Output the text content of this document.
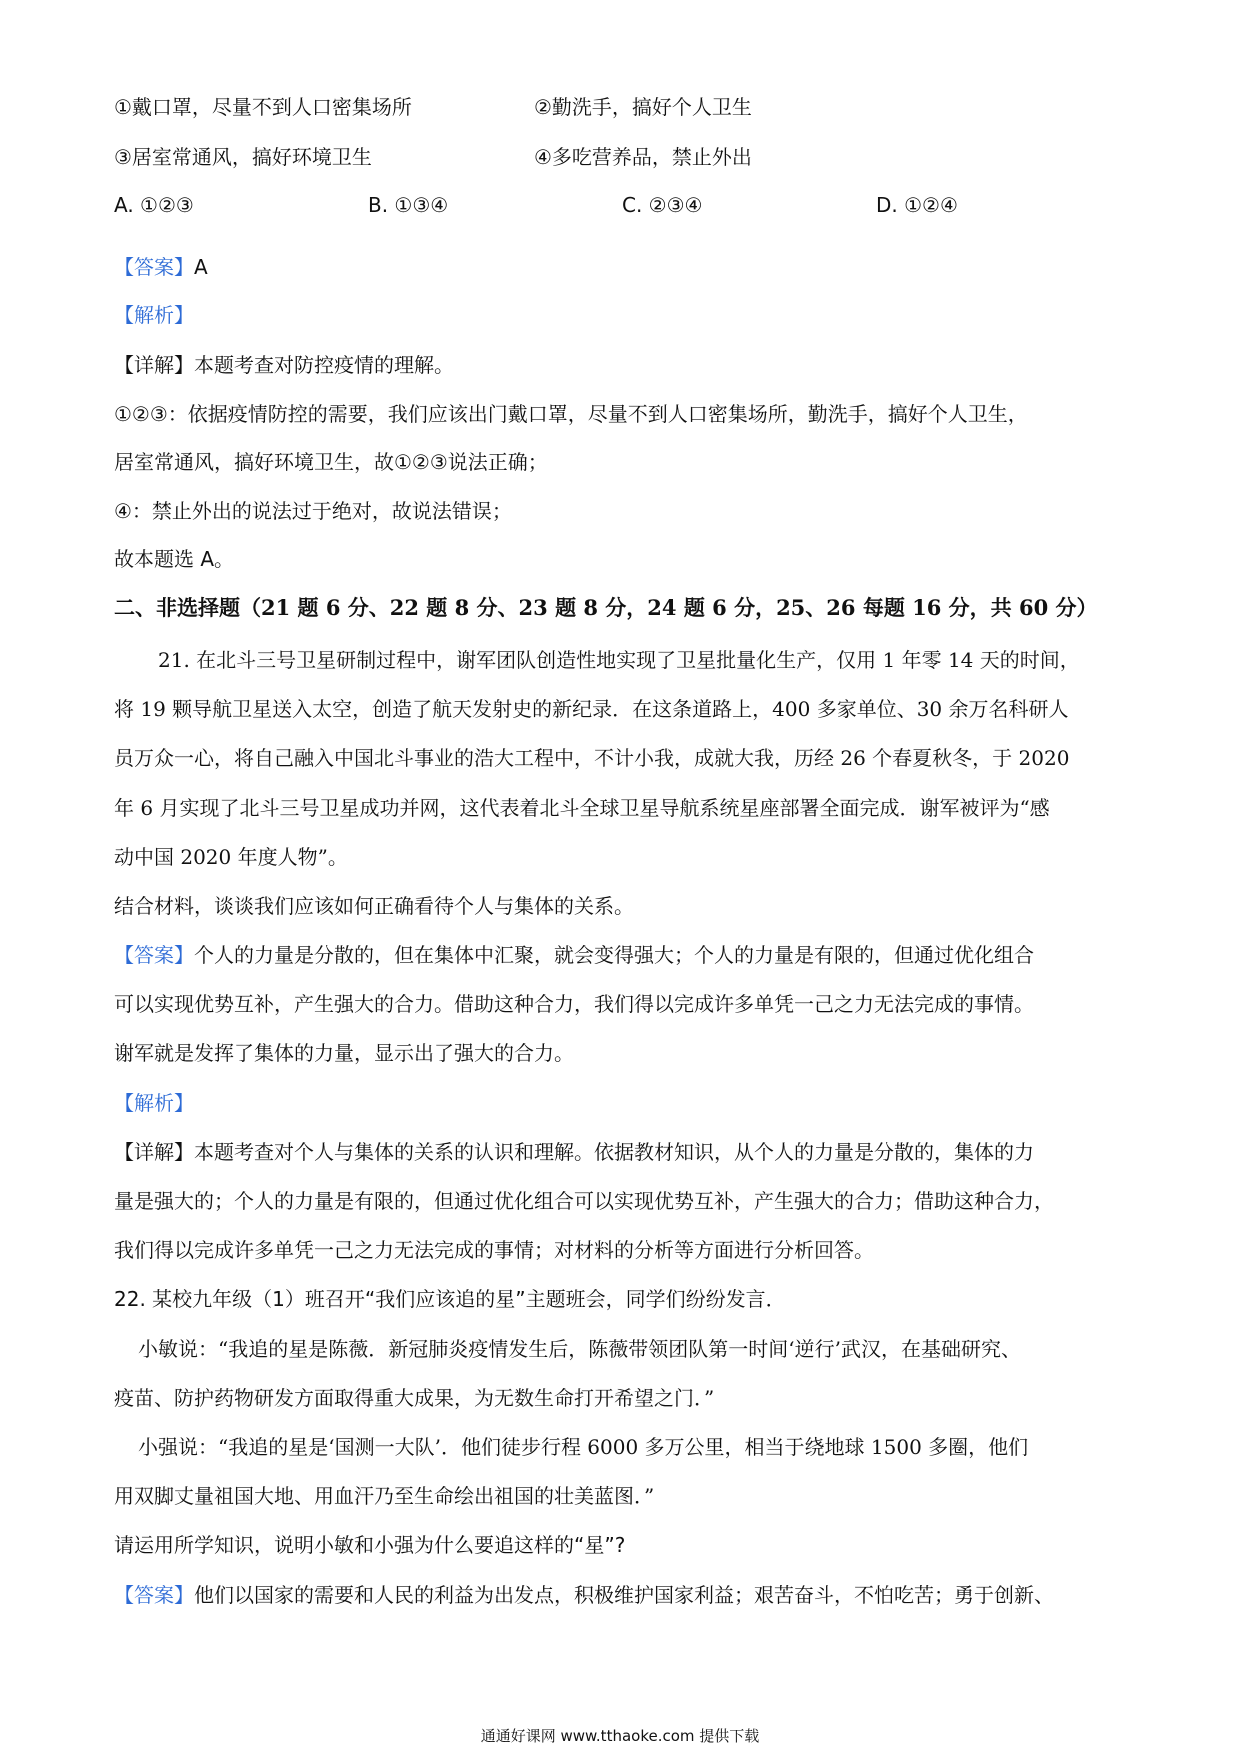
①戴口罩，尽量不到人口密集场所	②勤洗手，搞好个人卫生
③居室常通风，搞好环境卫生	④多吃营养品，禁止外出
A. ①②③	B. ①③④	C. ②③④	D. ①②④
【答案】A
【解析】
【详解】本题考查对防控疫情的理解。
①②③：依据疫情防控的需要，我们应该出门戴口罩，尽量不到人口密集场所，勤洗手，搞好个人卫生，
居室常通风，搞好环境卫生，故①②③说法正确；
④：禁止外出的说法过于绝对，故说法错误；
故本题选 A。
二、非选择题（21 题 6 分、22 题 8 分、23 题 8 分，24 题 6 分，25、26 每题 16 分，共 60 分）
21. 在北斗三号卫星研制过程中，谢军团队创造性地实现了卫星批量化生产，仅用 1 年零 14 天的时间，
将 19 颗导航卫星送入太空，创造了航天发射史的新纪录．在这条道路上，400 多家单位、30 余万名科研人
员万众一心，将自己融入中国北斗事业的浩大工程中，不计小我，成就大我，历经 26 个春夏秋冬，于 2020
年 6 月实现了北斗三号卫星成功并网，这代表着北斗全球卫星导航系统星座部署全面完成．谢军被评为“感
动中国 2020 年度人物”。
结合材料，谈谈我们应该如何正确看待个人与集体的关系。
【答案】个人的力量是分散的，但在集体中汇聚，就会变得强大；个人的力量是有限的，但通过优化组合
可以实现优势互补，产生强大的合力。借助这种合力，我们得以完成许多单凭一己之力无法完成的事情。
谢军就是发挥了集体的力量，显示出了强大的合力。
【解析】
【详解】本题考查对个人与集体的关系的认识和理解。依据教材知识，从个人的力量是分散的，集体的力
量是强大的；个人的力量是有限的，但通过优化组合可以实现优势互补，产生强大的合力；借助这种合力，
我们得以完成许多单凭一己之力无法完成的事情；对材料的分析等方面进行分析回答。
22. 某校九年级（1）班召开“我们应该追的星”主题班会，同学们纷纷发言．
小敏说：“我追的星是陈薇．新冠肺炎疫情发生后，陈薇带领团队第一时间‘逆行’武汉，在基础研究、
疫苗、防护药物研发方面取得重大成果，为无数生命打开希望之门．”
小强说：“我追的星是‘国测一大队’．他们徒步行程 6000 多万公里，相当于绕地球 1500 多圈，他们
用双脚丈量祖国大地、用血汗乃至生命绘出祖国的壮美蓝图．”
请运用所学知识，说明小敏和小强为什么要追这样的“星”?
【答案】他们以国家的需要和人民的利益为出发点，积极维护国家利益；艰苦奋斗，不怕吃苦；勇于创新、
通通好课网 www.tthaoke.com 提供下载
